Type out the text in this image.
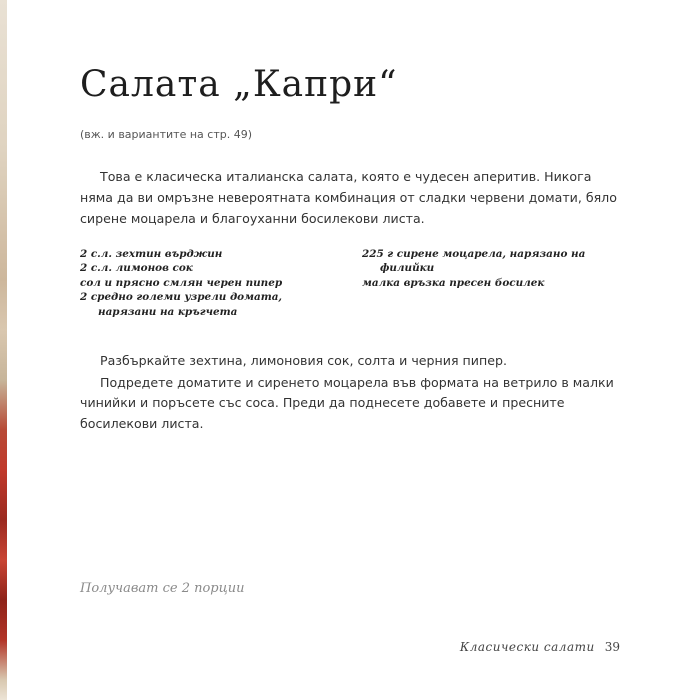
Салата „Капри“
(вж. и вариантите на стр. 49)

Това е класическа италианска салата, която е чудесен аперитив. Никога няма да ви омръзне невероятната комбинация от сладки червени домати, бяло сирене моцарела и благоуханни босилекови листа.

2 с.л. зехтин върджин
2 с.л. лимонов сок
сол и прясно смлян черен пипер
2 средно големи узрели домата, нарязани на кръгчета
225 г сирене моцарела, нарязано на филийки
малка връзка пресен босилек

Разбъркайте зехтина, лимоновия сок, солта и черния пипер.

Подредете доматите и сиренето моцарела във формата на ветрило в малки чинийки и поръсете със соса. Преди да поднесете добавете и пресните босилекови листа.

Получават се 2 порции
Класически салати 39
